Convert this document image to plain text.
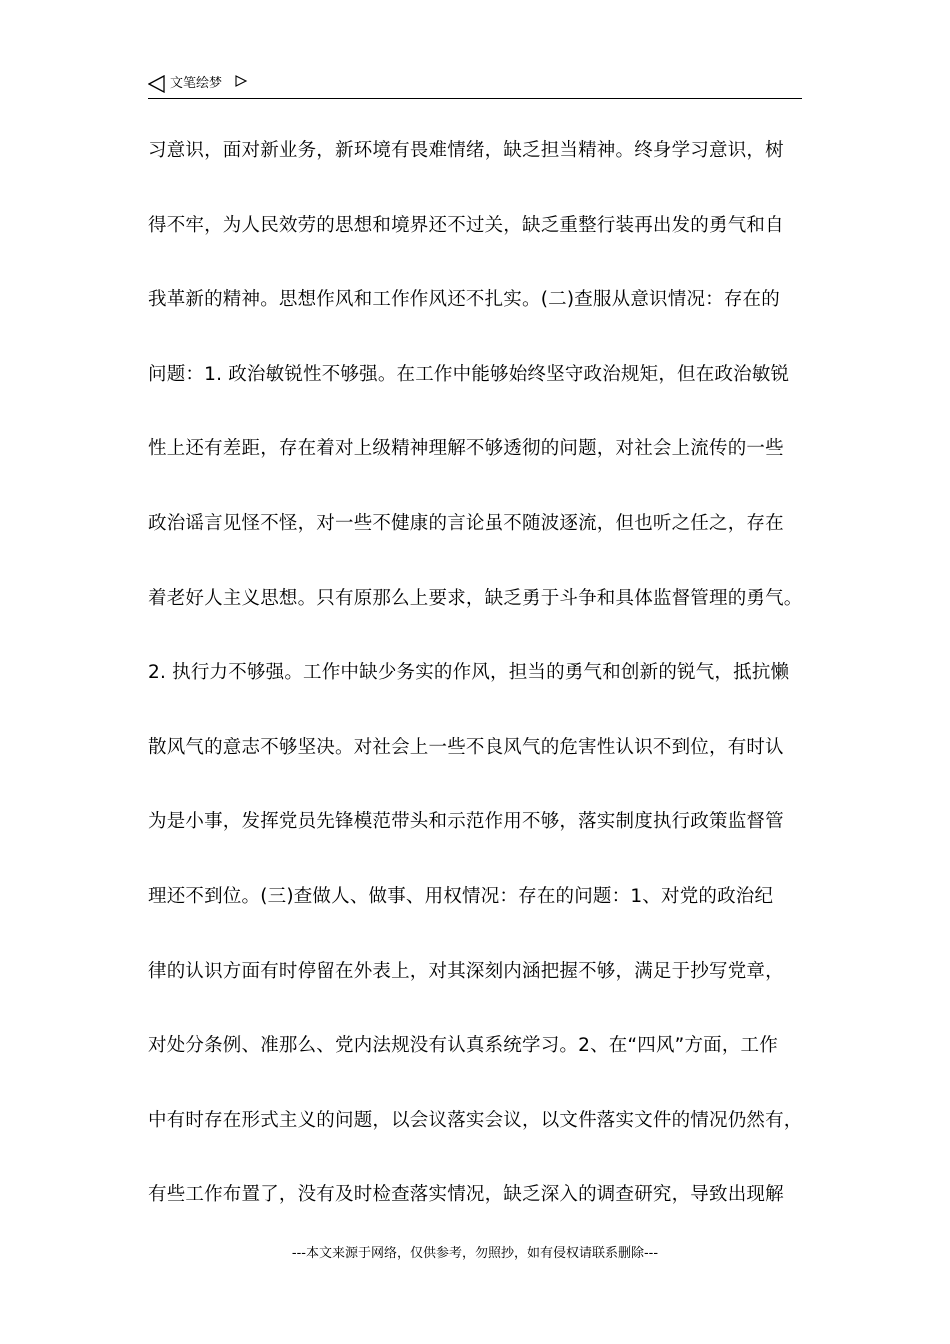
文笔绘梦
习意识，面对新业务，新环境有畏难情绪，缺乏担当精神。终身学习意识，树
得不牢，为人民效劳的思想和境界还不过关，缺乏重整行装再出发的勇气和自
我革新的精神。思想作风和工作作风还不扎实。(二)查服从意识情况：存在的
问题：1. 政治敏锐性不够强。在工作中能够始终坚守政治规矩，但在政治敏锐
性上还有差距，存在着对上级精神理解不够透彻的问题，对社会上流传的一些
政治谣言见怪不怪，对一些不健康的言论虽不随波逐流，但也听之任之，存在
着老好人主义思想。只有原那么上要求，缺乏勇于斗争和具体监督管理的勇气。
2. 执行力不够强。工作中缺少务实的作风，担当的勇气和创新的锐气，抵抗懒
散风气的意志不够坚决。对社会上一些不良风气的危害性认识不到位，有时认
为是小事，发挥党员先锋模范带头和示范作用不够，落实制度执行政策监督管
理还不到位。(三)查做人、做事、用权情况：存在的问题：1、对党的政治纪
律的认识方面有时停留在外表上，对其深刻内涵把握不够，满足于抄写党章，
对处分条例、准那么、党内法规没有认真系统学习。2、在“四风”方面，工作
中有时存在形式主义的问题，以会议落实会议，以文件落实文件的情况仍然有，
有些工作布置了，没有及时检查落实情况，缺乏深入的调查研究，导致出现解
---本文来源于网络，仅供参考，勿照抄，如有侵权请联系删除---
